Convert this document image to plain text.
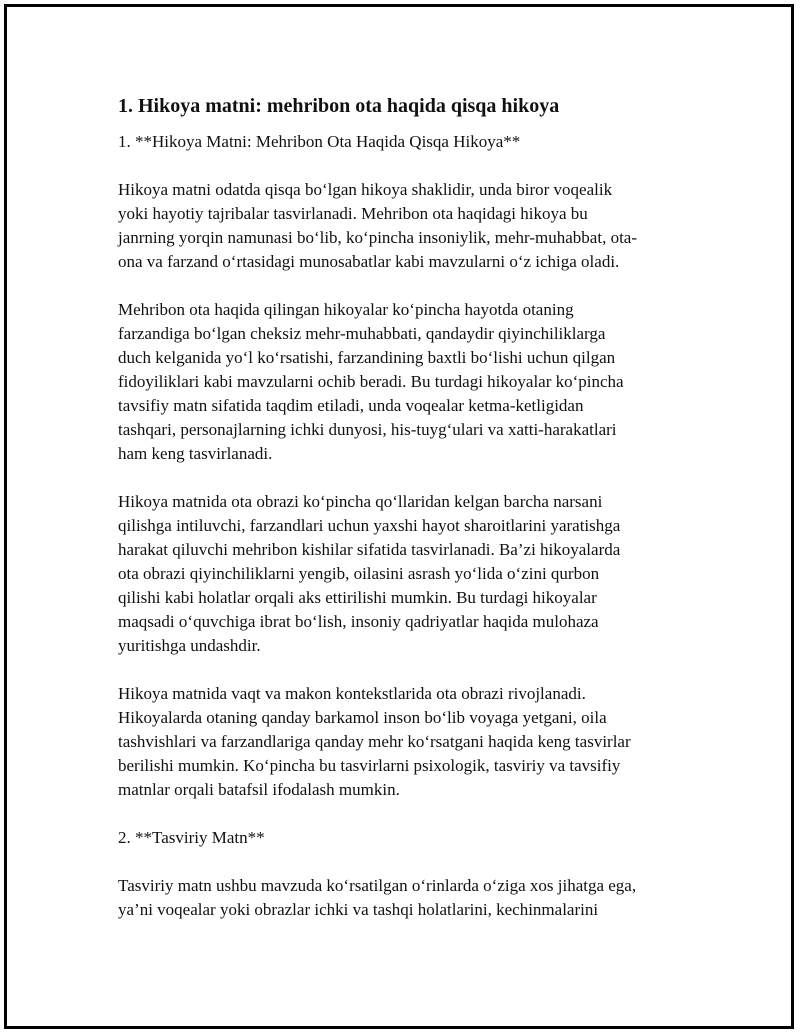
1. Hikoya matni: mehribon ota haqida qisqa hikoya
1. **Hikoya Matni: Mehribon Ota Haqida Qisqa Hikoya**
Hikoya matni odatda qisqa bo‘lgan hikoya shaklidir, unda biror voqealik
yoki hayotiy tajribalar tasvirlanadi. Mehribon ota haqidagi hikoya bu
janrning yorqin namunasi bo‘lib, ko‘pincha insoniylik, mehr-muhabbat, ota-
ona va farzand o‘rtasidagi munosabatlar kabi mavzularni o‘z ichiga oladi.
Mehribon ota haqida qilingan hikoyalar ko‘pincha hayotda otaning
farzandiga bo‘lgan cheksiz mehr-muhabbati, qandaydir qiyinchiliklarga
duch kelganida yo‘l ko‘rsatishi, farzandining baxtli bo‘lishi uchun qilgan
fidoyiliklari kabi mavzularni ochib beradi. Bu turdagi hikoyalar ko‘pincha
tavsifiy matn sifatida taqdim etiladi, unda voqealar ketma-ketligidan
tashqari, personajlarning ichki dunyosi, his-tuyg‘ulari va xatti-harakatlari
ham keng tasvirlanadi.
Hikoya matnida ota obrazi ko‘pincha qo‘llaridan kelgan barcha narsani
qilishga intiluvchi, farzandlari uchun yaxshi hayot sharoitlarini yaratishga
harakat qiluvchi mehribon kishilar sifatida tasvirlanadi. Ba’zi hikoyalarda
ota obrazi qiyinchiliklarni yengib, oilasini asrash yo‘lida o‘zini qurbon
qilishi kabi holatlar orqali aks ettirilishi mumkin. Bu turdagi hikoyalar
maqsadi o‘quvchiga ibrat bo‘lish, insoniy qadriyatlar haqida mulohaza
yuritishga undashdir.
Hikoya matnida vaqt va makon kontekstlarida ota obrazi rivojlanadi.
Hikoyalarda otaning qanday barkamol inson bo‘lib voyaga yetgani, oila
tashvishlari va farzandlariga qanday mehr ko‘rsatgani haqida keng tasvirlar
berilishi mumkin. Ko‘pincha bu tasvirlarni psixologik, tasviriy va tavsifiy
matnlar orqali batafsil ifodalash mumkin.
2. **Tasviriy Matn**
Tasviriy matn ushbu mavzuda ko‘rsatilgan o‘rinlarda o‘ziga xos jihatga ega,
ya’ni voqealar yoki obrazlar ichki va tashqi holatlarini, kechinmalarini
